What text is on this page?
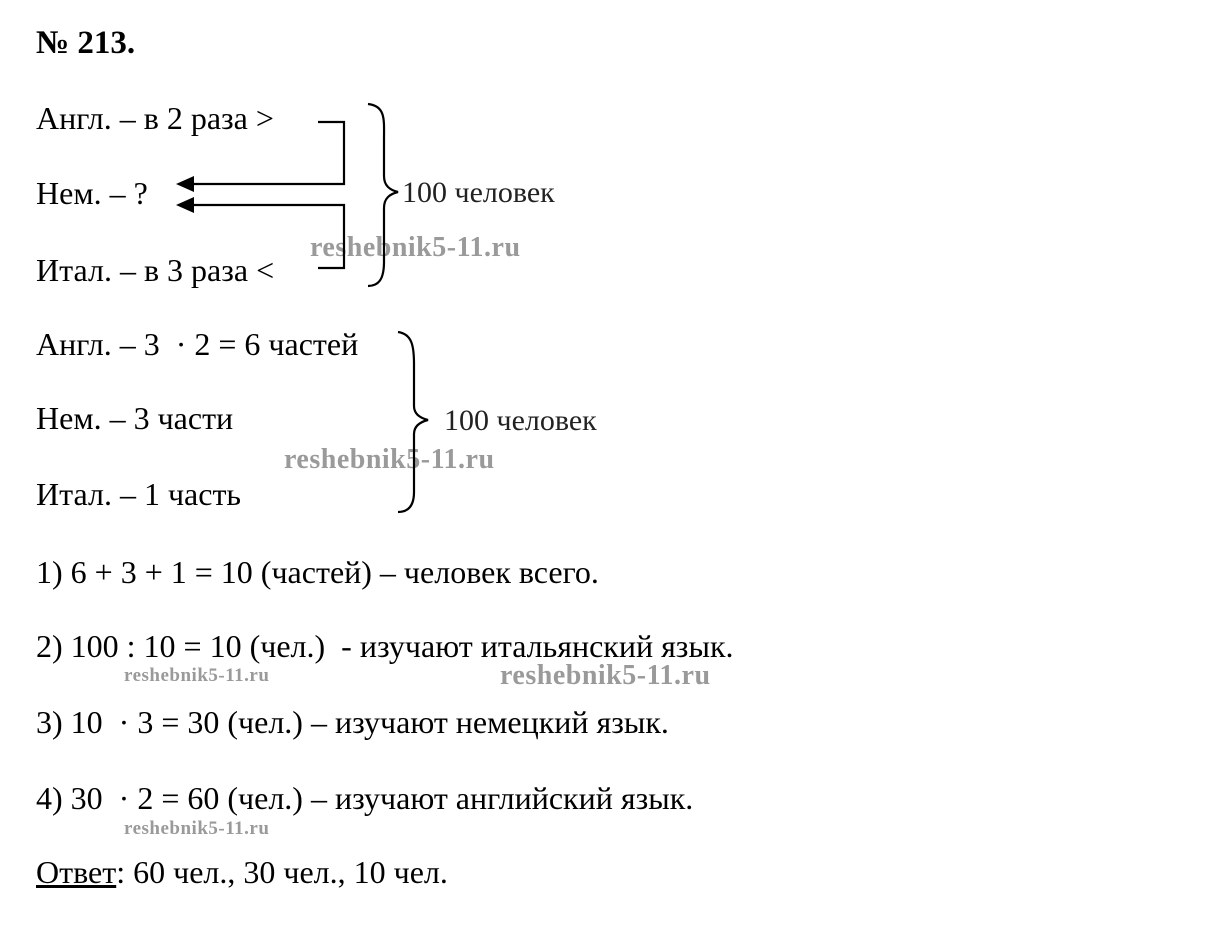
№ 213.
Англ. – в 2 раза >
Нем. – ?
Итал. – в 3 раза <
100 человек
Англ. – 3  · 2 = 6 частей
Нем. – 3 части
Итал. – 1 часть
100 человек
1) 6 + 3 + 1 = 10 (частей) – человек всего.
2) 100 : 10 = 10 (чел.)  - изучают итальянский язык.
3) 10  · 3 = 30 (чел.) – изучают немецкий язык.
4) 30  · 2 = 60 (чел.) – изучают английский язык.
Ответ: 60 чел., 30 чел., 10 чел.
reshebnik5-11.ru
reshebnik5-11.ru
reshebnik5-11.ru	reshebnik5-11.ru
reshebnik5-11.ru
